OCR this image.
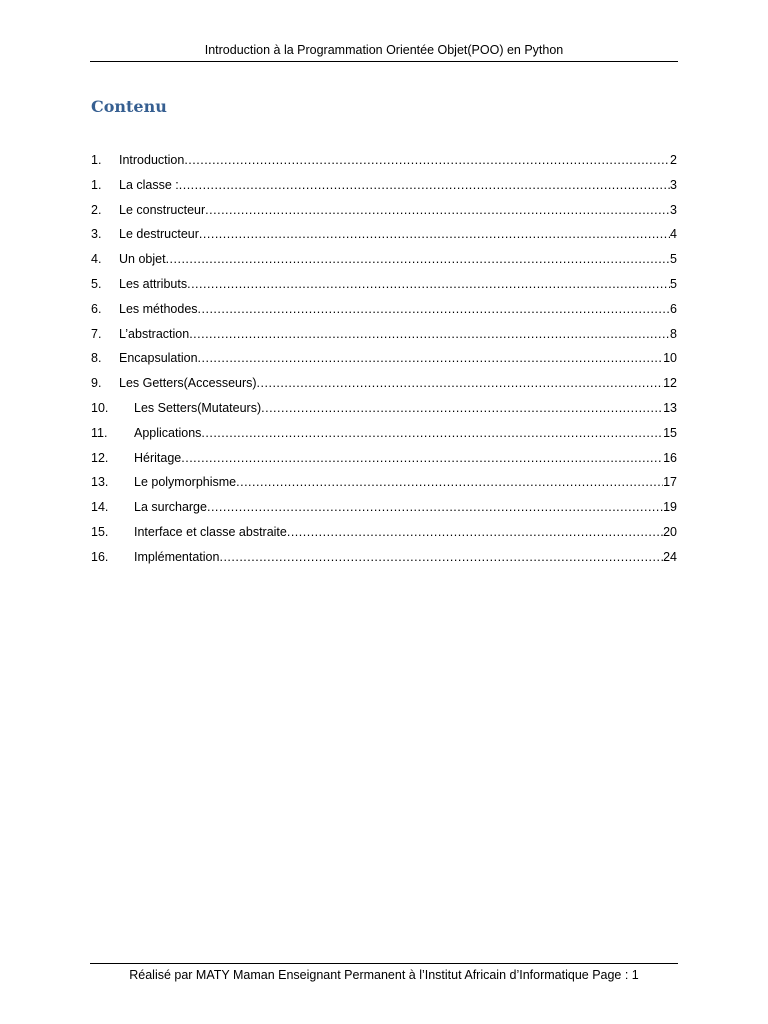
Introduction à la Programmation Orientée Objet(POO) en Python
Contenu
1.	Introduction .....	2
1.	La classe : .....	3
2.	Le constructeur .....	3
3.	Le destructeur .....	4
4.	Un objet .....	5
5.	Les attributs .....	5
6.	Les méthodes .....	6
7.	L’abstraction .....	8
8.	Encapsulation .....	10
9.	Les Getters(Accesseurs) .....	12
10.	Les Setters(Mutateurs) .....	13
11.	Applications .....	15
12.	Héritage .....	16
13.	Le polymorphisme .....	17
14.	La surcharge .....	19
15.	Interface et classe abstraite .....	20
16.	Implémentation .....	24
Réalisé par MATY Maman Enseignant Permanent à l’Institut Africain d’Informatique Page : 1
